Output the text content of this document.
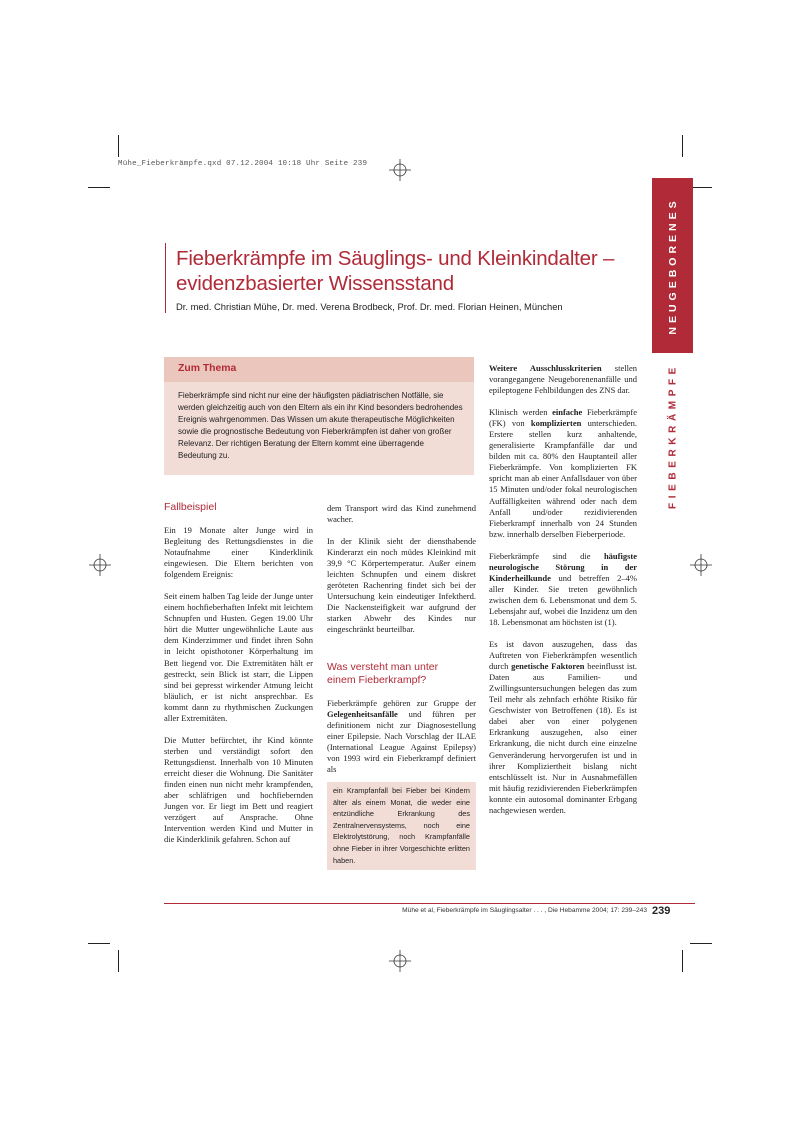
Mühe_Fieberkrämpfe.qxd 07.12.2004 10:18 Uhr Seite 239
NEUGEBORENES
FIEBERKRÄMPFE
Fieberkrämpfe im Säuglings- und Kleinkindalter –
evidenzbasierter Wissensstand
Dr. med. Christian Mühe, Dr. med. Verena Brodbeck, Prof. Dr. med. Florian Heinen, München
Zum Thema
Fieberkrämpfe sind nicht nur eine der häufigsten pädiatrischen Notfälle, sie werden gleichzeitig auch von den Eltern als ein ihr Kind besonders bedrohendes Ereignis wahrgenommen. Das Wissen um akute therapeutische Möglichkeiten sowie die prognostische Bedeutung von Fieberkrämpfen ist daher von großer Relevanz. Der richtigen Beratung der Eltern kommt eine überragende Bedeutung zu.
Fallbeispiel

Ein 19 Monate alter Junge wird in Begleitung des Rettungsdienstes in die Notaufnahme einer Kinderklinik eingewiesen. Die Eltern berichten von folgendem Ereignis:

Seit einem halben Tag leide der Junge unter einem hochfieberhaften Infekt mit leichtem Schnupfen und Husten. Gegen 19.00 Uhr hört die Mutter ungewöhnliche Laute aus dem Kinderzimmer und findet ihren Sohn in leicht opisthotoner Körperhaltung im Bett liegend vor. Die Extremitäten hält er gestreckt, sein Blick ist starr, die Lippen sind bei gepresst wirkender Atmung leicht bläulich, er ist nicht ansprechbar. Es kommt dann zu rhythmischen Zuckungen aller Extremitäten.

Die Mutter befürchtet, ihr Kind könnte sterben und verständigt sofort den Rettungsdienst. Innerhalb von 10 Minuten erreicht dieser die Wohnung. Die Sanitäter finden einen nun nicht mehr krampfenden, aber schläfrigen und hochfiebernden Jungen vor. Er liegt im Bett und reagiert verzögert auf Ansprache. Ohne Intervention werden Kind und Mutter in die Kinderklinik gefahren. Schon auf

dem Transport wird das Kind zunehmend wacher.

In der Klinik sieht der diensthabende Kinderarzt ein noch müdes Kleinkind mit 39,9 °C Körpertemperatur. Außer einem leichten Schnupfen und einem diskret geröteten Rachenring findet sich bei der Untersuchung kein eindeutiger Infektherd. Die Nackensteifigkeit war aufgrund der starken Abwehr des Kindes nur eingeschränkt beurteilbar.

Was versteht man unter
einem Fieberkrampf?

Fieberkrämpfe gehören zur Gruppe der Gelegenheitsanfälle und führen per definitionem nicht zur Diagnosestellung einer Epilepsie. Nach Vorschlag der ILAE (International League Against Epilepsy) von 1993 wird ein Fieberkrampf definiert als

ein Krampfanfall bei Fieber bei Kindern älter als einem Monat, die weder eine entzündliche Erkrankung des Zentralnervensystems, noch eine Elektrolytstörung, noch Krampfanfälle ohne Fieber in ihrer Vorgeschichte erlitten haben.

Weitere Ausschlusskriterien stellen vorangegangene Neugeborenenanfälle und epileptogene Fehlbildungen des ZNS dar.

Klinisch werden einfache Fieberkrämpfe (FK) von komplizierten unterschieden. Erstere stellen kurz anhaltende, generalisierte Krampfanfälle dar und bilden mit ca. 80% den Hauptanteil aller Fieberkrämpfe. Von komplizierten FK spricht man ab einer Anfallsdauer von über 15 Minuten und/oder fokal neurologischen Auffälligkeiten während oder nach dem Anfall und/oder rezidivierenden Fieberkrampf innerhalb von 24 Stunden bzw. innerhalb derselben Fieberperiode.

Fieberkrämpfe sind die häufigste neurologische Störung in der Kinderheilkunde und betreffen 2–4% aller Kinder. Sie treten gewöhnlich zwischen dem 6. Lebensmonat und dem 5. Lebensjahr auf, wobei die Inzidenz um den 18. Lebensmonat am höchsten ist (1).

Es ist davon auszugehen, dass das Auftreten von Fieberkrämpfen wesentlich durch genetische Faktoren beeinflusst ist. Daten aus Familien- und Zwillingsuntersuchungen belegen das zum Teil mehr als zehnfach erhöhte Risiko für Geschwister von Betroffenen (18). Es ist dabei aber von einer polygenen Erkrankung auszugehen, also einer Erkrankung, die nicht durch eine einzelne Genveränderung hervorgerufen ist und in ihrer Kompliziertheit bislang nicht entschlüsselt ist. Nur in Ausnahmefällen mit häufig rezidivierenden Fieberkrämpfen konnte ein autosomal dominanter Erbgang nachgewiesen werden.

Mühe et al, Fieberkrämpfe im Säuglingsalter . . . , Die Hebamme 2004; 17: 239–243 239
